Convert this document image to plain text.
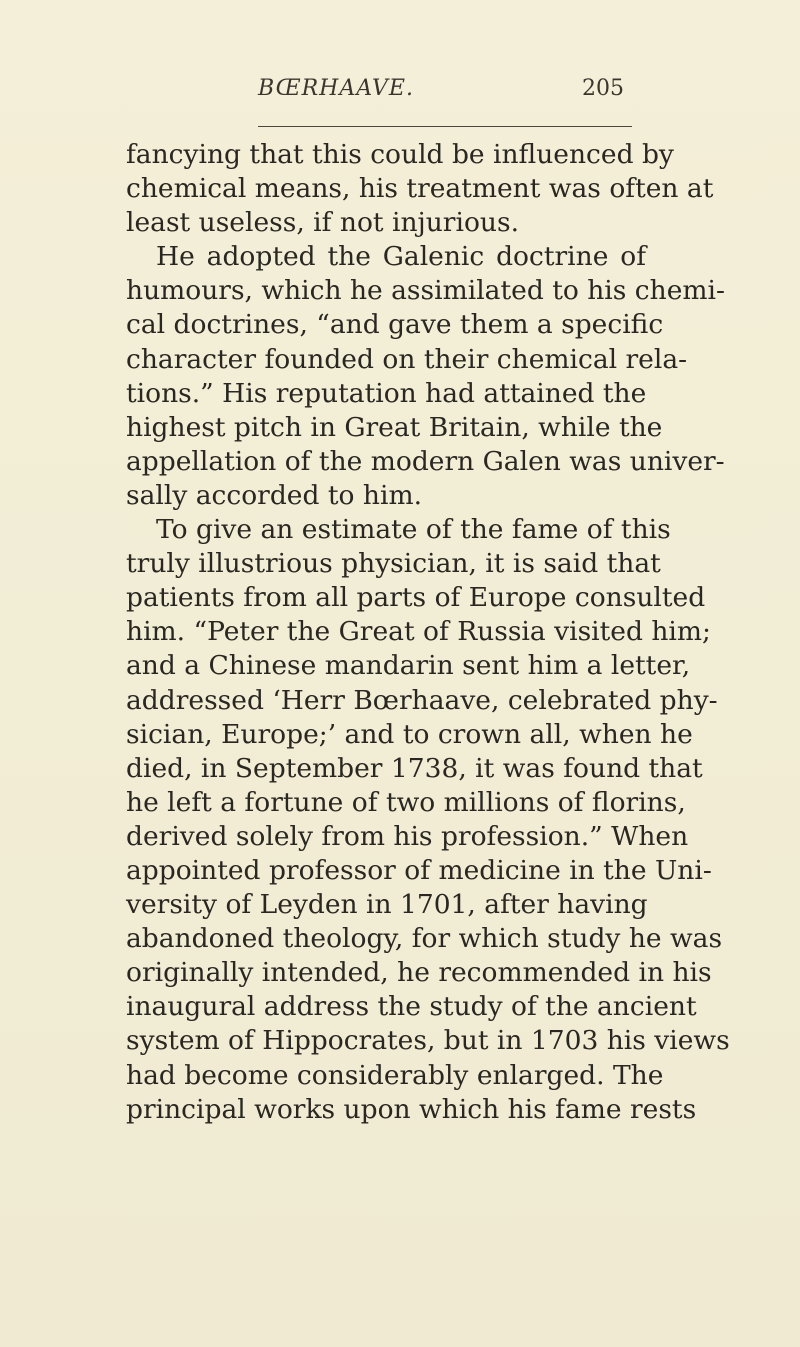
BŒRHAAVE.	205
fancying that this could be influenced by
chemical means, his treatment was often at
least useless, if not injurious.
He adopted the Galenic doctrine of
humours, which he assimilated to his chemi-
cal doctrines, “and gave them a specific
character founded on their chemical rela-
tions.” His reputation had attained the
highest pitch in Great Britain, while the
appellation of the modern Galen was univer-
sally accorded to him.
To give an estimate of the fame of this
truly illustrious physician, it is said that
patients from all parts of Europe consulted
him. “Peter the Great of Russia visited him;
and a Chinese mandarin sent him a letter,
addressed ‘Herr Bœrhaave, celebrated phy-
sician, Europe;’ and to crown all, when he
died, in September 1738, it was found that
he left a fortune of two millions of florins,
derived solely from his profession.” When
appointed professor of medicine in the Uni-
versity of Leyden in 1701, after having
abandoned theology, for which study he was
originally intended, he recommended in his
inaugural address the study of the ancient
system of Hippocrates, but in 1703 his views
had become considerably enlarged. The
principal works upon which his fame rests
